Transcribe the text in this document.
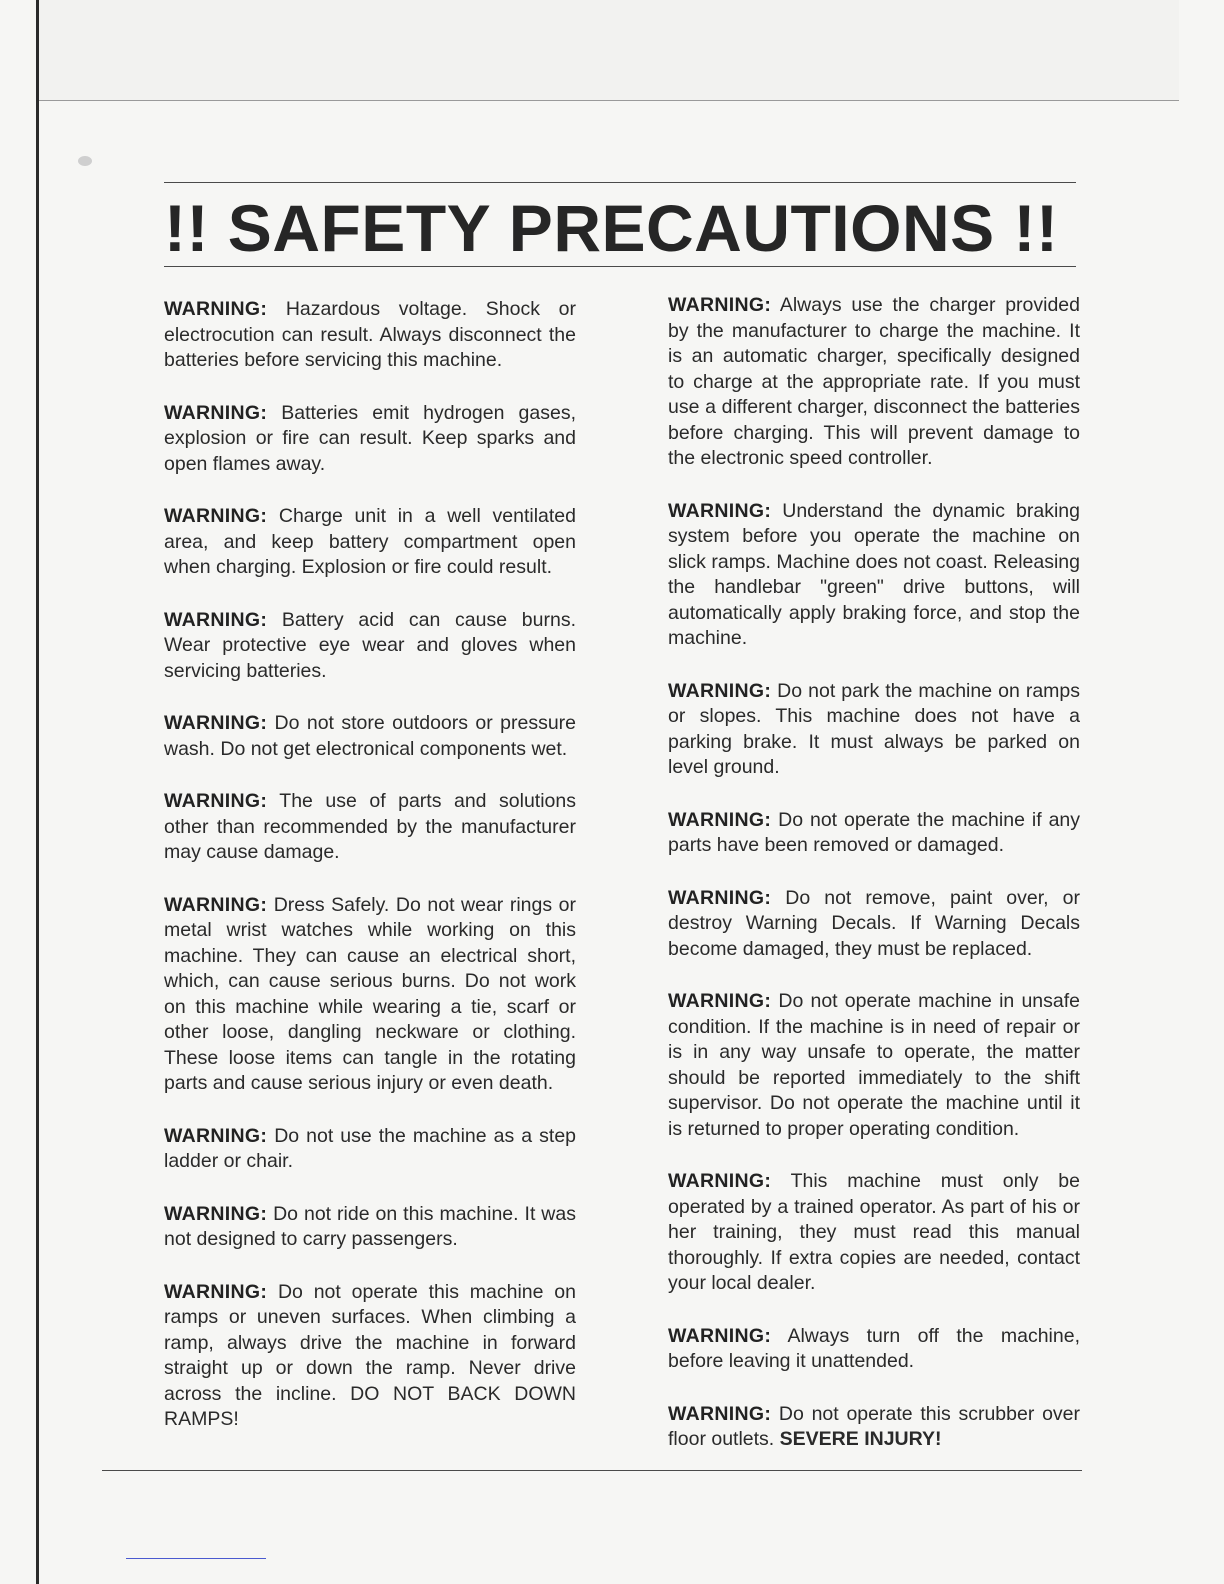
!! SAFETY PRECAUTIONS !!

WARNING: Hazardous voltage. Shock or electrocution can result. Always disconnect the batteries before servicing this machine.

WARNING: Batteries emit hydrogen gases, explosion or fire can result. Keep sparks and open flames away.

WARNING: Charge unit in a well ventilated area, and keep battery compartment open when charging. Explosion or fire could result.

WARNING: Battery acid can cause burns. Wear protective eye wear and gloves when servicing batteries.

WARNING: Do not store outdoors or pressure wash. Do not get electronical components wet.

WARNING: The use of parts and solutions other than recommended by the manufacturer may cause damage.

WARNING: Dress Safely. Do not wear rings or metal wrist watches while working on this machine. They can cause an electrical short, which, can cause serious burns. Do not work on this machine while wearing a tie, scarf or other loose, dangling neckware or clothing. These loose items can tangle in the rotating parts and cause serious injury or even death.

WARNING: Do not use the machine as a step ladder or chair.

WARNING: Do not ride on this machine. It was not designed to carry passengers.

WARNING: Do not operate this machine on ramps or uneven surfaces. When climbing a ramp, always drive the machine in forward straight up or down the ramp. Never drive across the incline. DO NOT BACK DOWN RAMPS!

WARNING: Always use the charger provided by the manufacturer to charge the machine. It is an automatic charger, specifically designed to charge at the appropriate rate. If you must use a different charger, disconnect the batteries before charging. This will prevent damage to the electronic speed controller.

WARNING: Understand the dynamic braking system before you operate the machine on slick ramps. Machine does not coast. Releasing the handlebar "green" drive buttons, will automatically apply braking force, and stop the machine.

WARNING: Do not park the machine on ramps or slopes. This machine does not have a parking brake. It must always be parked on level ground.

WARNING: Do not operate the machine if any parts have been removed or damaged.

WARNING: Do not remove, paint over, or destroy Warning Decals. If Warning Decals become damaged, they must be replaced.

WARNING: Do not operate machine in unsafe condition. If the machine is in need of repair or is in any way unsafe to operate, the matter should be reported immediately to the shift supervisor. Do not operate the machine until it is returned to proper operating condition.

WARNING: This machine must only be operated by a trained operator. As part of his or her training, they must read this manual thoroughly. If extra copies are needed, contact your local dealer.

WARNING: Always turn off the machine, before leaving it unattended.

WARNING: Do not operate this scrubber over floor outlets. SEVERE INJURY!
